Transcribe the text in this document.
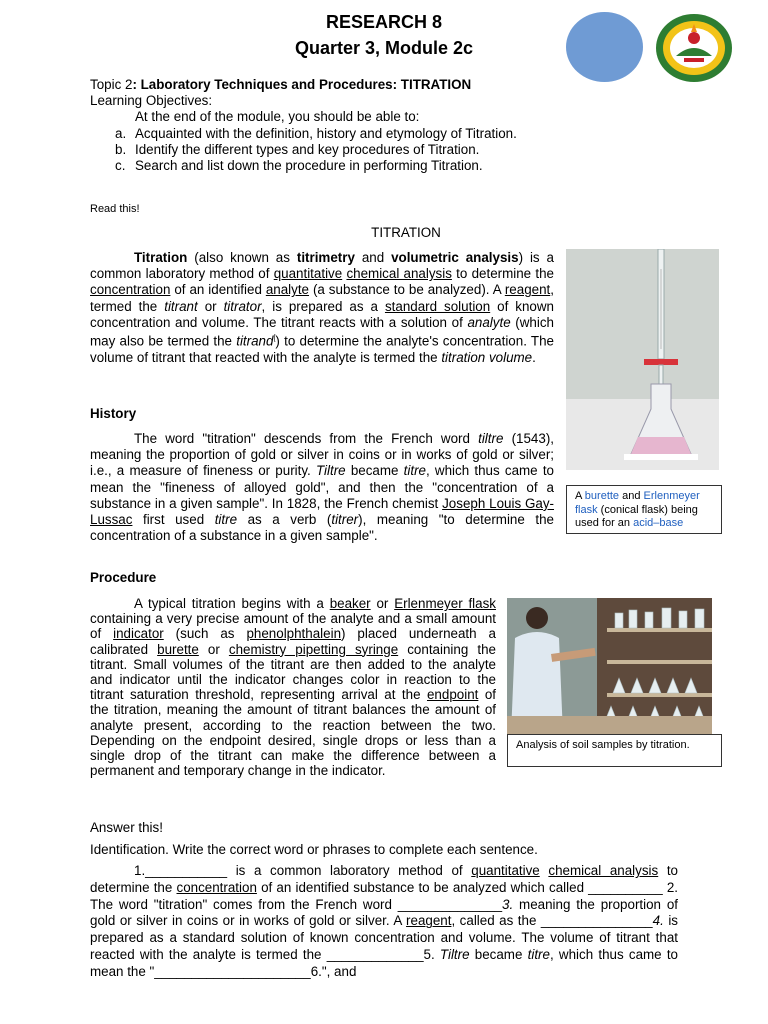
RESEARCH 8
Quarter 3, Module 2c
Topic 2: Laboratory Techniques and Procedures: TITRATION
Learning Objectives:
At the end of the module, you should be able to:
a. Acquainted with the definition, history and etymology of Titration.
b. Identify the different types and key procedures of Titration.
c. Search and list down the procedure in performing Titration.
Read this!
TITRATION
Titration (also known as titrimetry and volumetric analysis) is a common laboratory method of quantitative chemical analysis to determine the concentration of an identified analyte (a substance to be analyzed). A reagent, termed the titrant or titrator, is prepared as a standard solution of known concentration and volume. The titrant reacts with a solution of analyte (which may also be termed the titrand[) to determine the analyte's concentration. The volume of titrant that reacted with the analyte is termed the titration volume.
A burette and Erlenmeyer flask (conical flask) being used for an acid–base
History
The word "titration" descends from the French word tiltre (1543), meaning the proportion of gold or silver in coins or in works of gold or silver; i.e., a measure of fineness or purity. Tiltre became titre, which thus came to mean the "fineness of alloyed gold", and then the "concentration of a substance in a given sample". In 1828, the French chemist Joseph Louis Gay-Lussac first used titre as a verb (titrer), meaning "to determine the concentration of a substance in a given sample".
Procedure
A typical titration begins with a beaker or Erlenmeyer flask containing a very precise amount of the analyte and a small amount of indicator (such as phenolphthalein) placed underneath a calibrated burette or chemistry pipetting syringe containing the titrant. Small volumes of the titrant are then added to the analyte and indicator until the indicator changes color in reaction to the titrant saturation threshold, representing arrival at the endpoint of the titration, meaning the amount of titrant balances the amount of analyte present, according to the reaction between the two. Depending on the endpoint desired, single drops or less than a single drop of the titrant can make the difference between a permanent and temporary change in the indicator.
Analysis of soil samples by titration.
Answer this!
Identification. Write the correct word or phrases to complete each sentence.
1.___________ is a common laboratory method of quantitative chemical analysis to determine the concentration of an identified substance to be analyzed which called __________ 2. The word "titration" comes from the French word ______________3. meaning the proportion of gold or silver in coins or in works of gold or silver. A reagent, called as the _______________4. is prepared as a standard solution of known concentration and volume. The volume of titrant that reacted with the analyte is termed the _____________5. Tiltre became titre, which thus came to mean the "_____________________6.", and
